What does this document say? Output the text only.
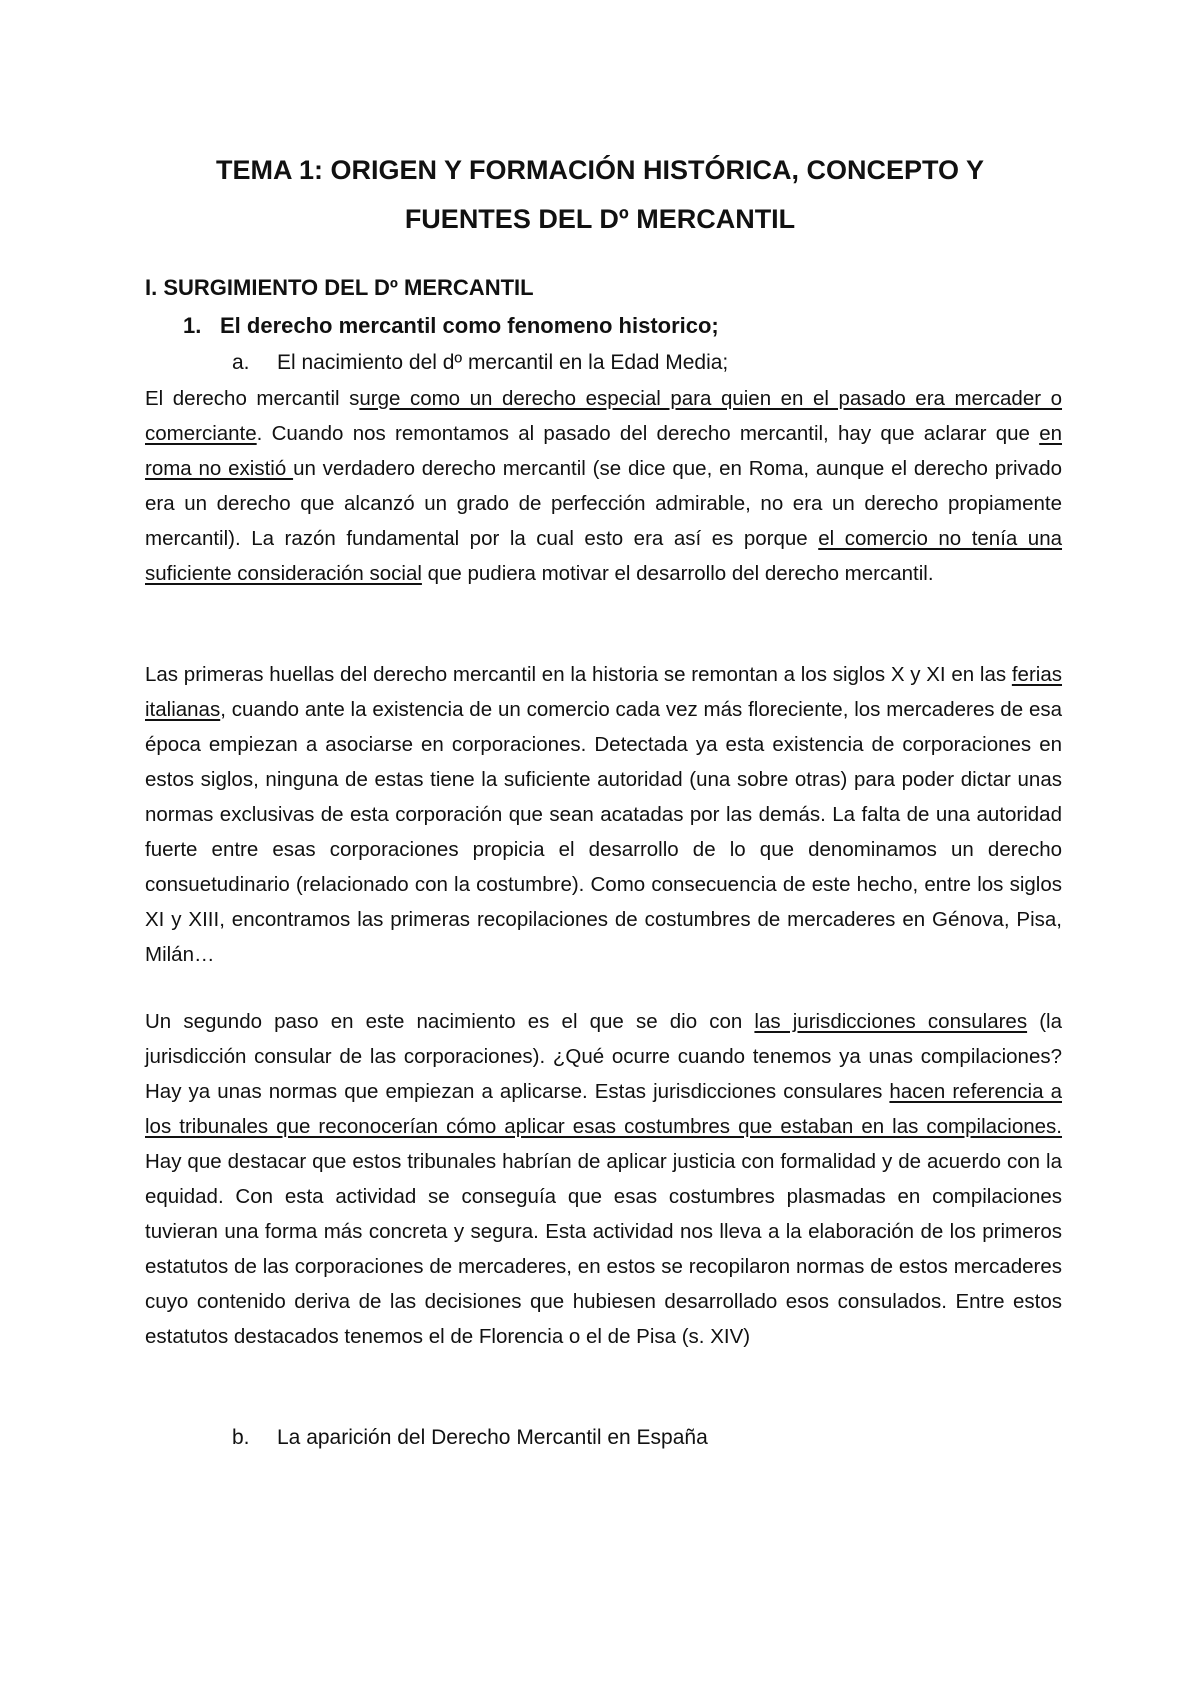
TEMA 1: ORIGEN Y FORMACIÓN HISTÓRICA, CONCEPTO Y
FUENTES DEL Dº MERCANTIL
I. SURGIMIENTO DEL Dº MERCANTIL
1. El derecho mercantil como fenomeno historico;
a. El nacimiento del dº mercantil en la Edad Media;

El derecho mercantil surge como un derecho especial para quien en el pasado era mercader o comerciante. Cuando nos remontamos al pasado del derecho mercantil, hay que aclarar que en roma no existió un verdadero derecho mercantil (se dice que, en Roma, aunque el derecho privado era un derecho que alcanzó un grado de perfección admirable, no era un derecho propiamente mercantil). La razón fundamental por la cual esto era así es porque el comercio no tenía una suficiente consideración social que pudiera motivar el desarrollo del derecho mercantil.

Las primeras huellas del derecho mercantil en la historia se remontan a los siglos X y XI en las ferias italianas, cuando ante la existencia de un comercio cada vez más floreciente, los mercaderes de esa época empiezan a asociarse en corporaciones. Detectada ya esta existencia de corporaciones en estos siglos, ninguna de estas tiene la suficiente autoridad (una sobre otras) para poder dictar unas normas exclusivas de esta corporación que sean acatadas por las demás. La falta de una autoridad fuerte entre esas corporaciones propicia el desarrollo de lo que denominamos un derecho consuetudinario (relacionado con la costumbre). Como consecuencia de este hecho, entre los siglos XI y XIII, encontramos las primeras recopilaciones de costumbres de mercaderes en Génova, Pisa, Milán…

Un segundo paso en este nacimiento es el que se dio con las jurisdicciones consulares (la jurisdicción consular de las corporaciones). ¿Qué ocurre cuando tenemos ya unas compilaciones? Hay ya unas normas que empiezan a aplicarse. Estas jurisdicciones consulares hacen referencia a los tribunales que reconocerían cómo aplicar esas costumbres que estaban en las compilaciones. Hay que destacar que estos tribunales habrían de aplicar justicia con formalidad y de acuerdo con la equidad. Con esta actividad se conseguía que esas costumbres plasmadas en compilaciones tuvieran una forma más concreta y segura. Esta actividad nos lleva a la elaboración de los primeros estatutos de las corporaciones de mercaderes, en estos se recopilaron normas de estos mercaderes cuyo contenido deriva de las decisiones que hubiesen desarrollado esos consulados. Entre estos estatutos destacados tenemos el de Florencia o el de Pisa (s. XIV)

b. La aparición del Derecho Mercantil en España
